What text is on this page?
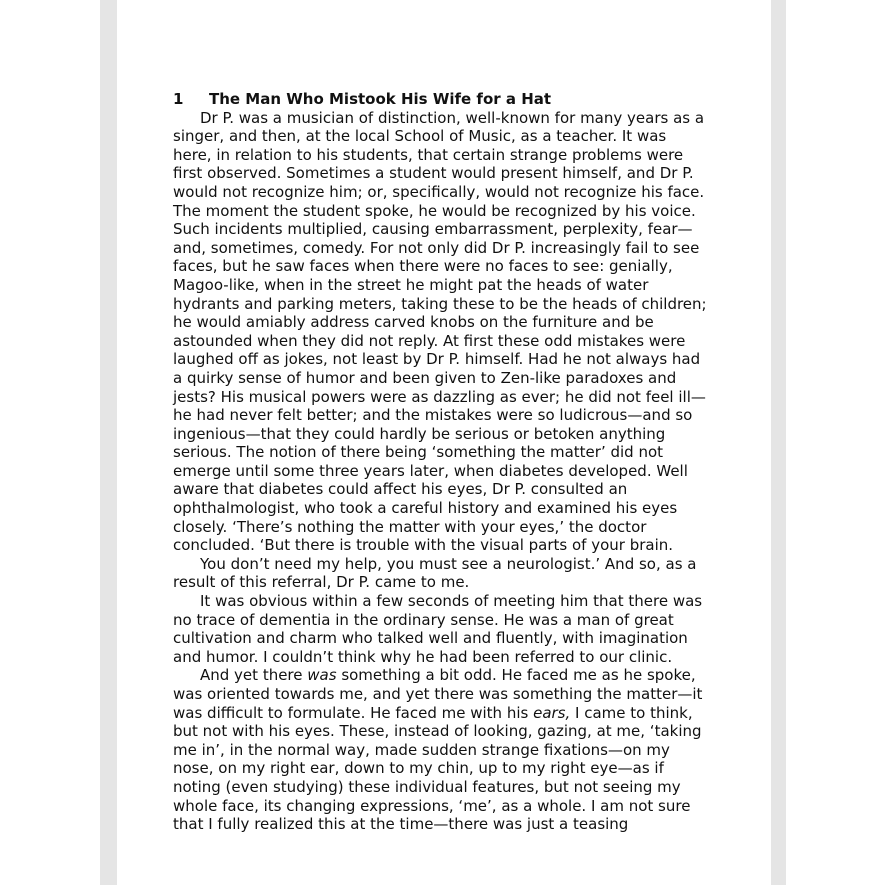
1 The Man Who Mistook His Wife for a Hat
Dr P. was a musician of distinction, well-known for many years as a
singer, and then, at the local School of Music, as a teacher. It was
here, in relation to his students, that certain strange problems were
first observed. Sometimes a student would present himself, and Dr P.
would not recognize him; or, specifically, would not recognize his face.
The moment the student spoke, he would be recognized by his voice.
Such incidents multiplied, causing embarrassment, perplexity, fear—
and, sometimes, comedy. For not only did Dr P. increasingly fail to see
faces, but he saw faces when there were no faces to see: genially,
Magoo-like, when in the street he might pat the heads of water
hydrants and parking meters, taking these to be the heads of children;
he would amiably address carved knobs on the furniture and be
astounded when they did not reply. At first these odd mistakes were
laughed off as jokes, not least by Dr P. himself. Had he not always had
a quirky sense of humor and been given to Zen-like paradoxes and
jests? His musical powers were as dazzling as ever; he did not feel ill—
he had never felt better; and the mistakes were so ludicrous—and so
ingenious—that they could hardly be serious or betoken anything
serious. The notion of there being ‘something the matter’ did not
emerge until some three years later, when diabetes developed. Well
aware that diabetes could affect his eyes, Dr P. consulted an
ophthalmologist, who took a careful history and examined his eyes
closely. ‘There’s nothing the matter with your eyes,’ the doctor
concluded. ‘But there is trouble with the visual parts of your brain.
You don’t need my help, you must see a neurologist.’ And so, as a
result of this referral, Dr P. came to me.
It was obvious within a few seconds of meeting him that there was
no trace of dementia in the ordinary sense. He was a man of great
cultivation and charm who talked well and fluently, with imagination
and humor. I couldn’t think why he had been referred to our clinic.
And yet there was something a bit odd. He faced me as he spoke,
was oriented towards me, and yet there was something the matter—it
was difficult to formulate. He faced me with his ears, I came to think,
but not with his eyes. These, instead of looking, gazing, at me, ‘taking
me in’, in the normal way, made sudden strange fixations—on my
nose, on my right ear, down to my chin, up to my right eye—as if
noting (even studying) these individual features, but not seeing my
whole face, its changing expressions, ‘me’, as a whole. I am not sure
that I fully realized this at the time—there was just a teasing
